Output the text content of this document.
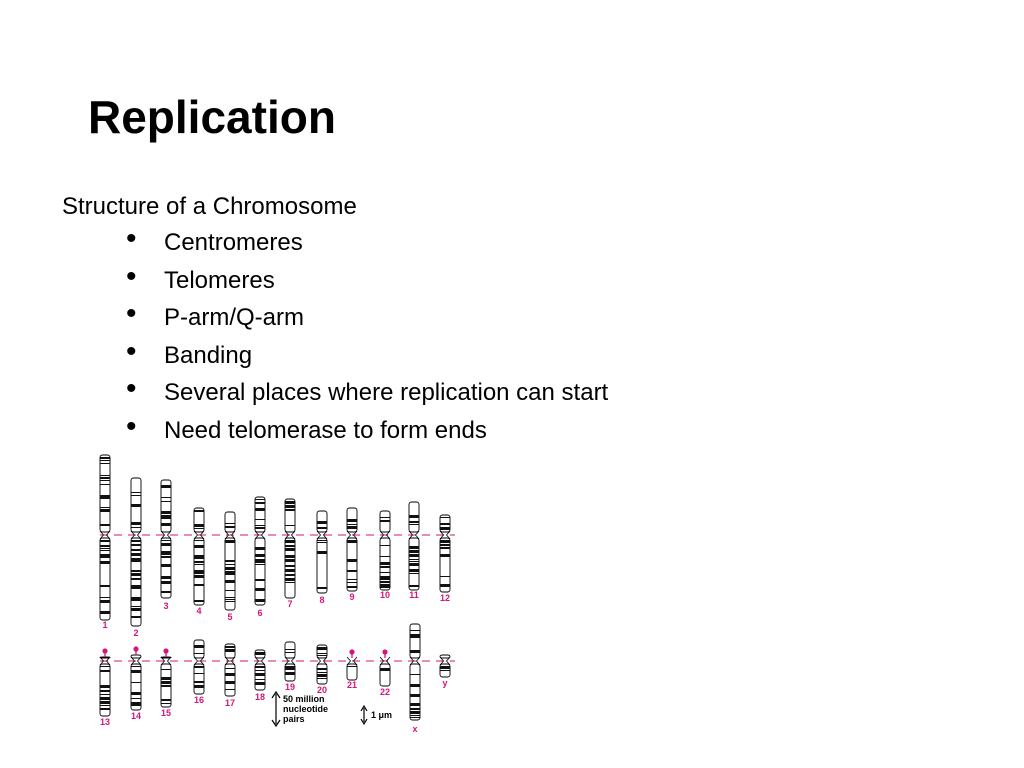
Replication
Structure of a Chromosome
• Centromeres
• Telomeres
• P-arm/Q-arm
• Banding
• Several places where replication can start
• Need telomerase to form ends
1
2
3	4
5	6
7	8	9	10 11 12
13
14 15
16 17
18
19 20 21
22
x
y
50 million
nucleotide
pairs	1 μm
